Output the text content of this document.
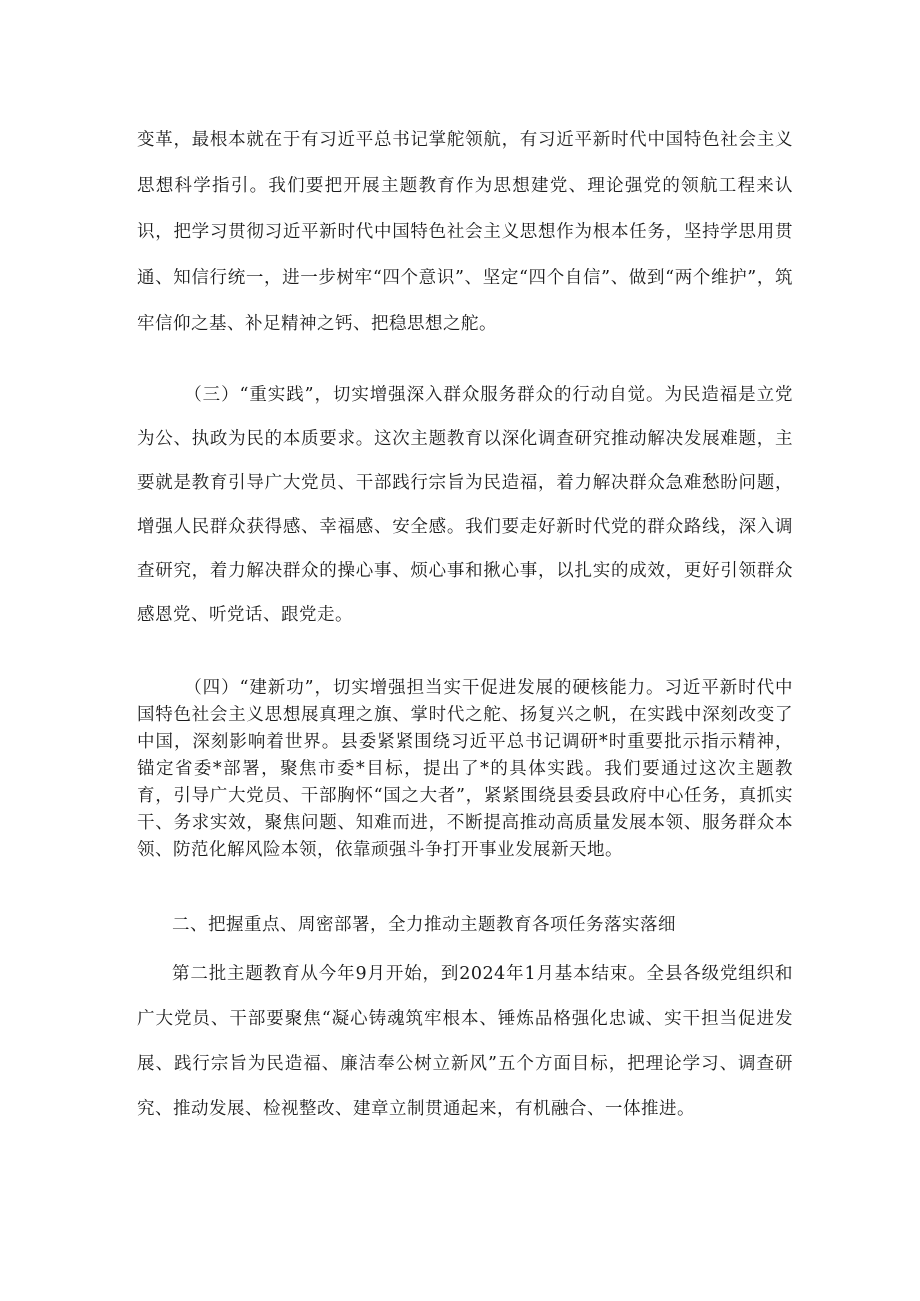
变革，最根本就在于有习近平总书记掌舵领航，有习近平新时代中国特色社会主义思想科学指引。我们要把开展主题教育作为思想建党、理论强党的领航工程来认识，把学习贯彻习近平新时代中国特色社会主义思想作为根本任务，坚持学思用贯通、知信行统一，进一步树牢“四个意识”、坚定“四个自信”、做到“两个维护”，筑牢信仰之基、补足精神之钙、把稳思想之舵。

（三）“重实践”，切实增强深入群众服务群众的行动自觉。为民造福是立党为公、执政为民的本质要求。这次主题教育以深化调查研究推动解决发展难题，主要就是教育引导广大党员、干部践行宗旨为民造福，着力解决群众急难愁盼问题，增强人民群众获得感、幸福感、安全感。我们要走好新时代党的群众路线，深入调查研究，着力解决群众的操心事、烦心事和揪心事，以扎实的成效，更好引领群众感恩党、听党话、跟党走。

（四）“建新功”，切实增强担当实干促进发展的硬核能力。习近平新时代中国特色社会主义思想展真理之旗、掌时代之舵、扬复兴之帆，在实践中深刻改变了中国，深刻影响着世界。县委紧紧围绕习近平总书记调研*时重要批示指示精神，锚定省委*部署，聚焦市委*目标，提出了*的具体实践。我们要通过这次主题教育，引导广大党员、干部胸怀“国之大者”，紧紧围绕县委县政府中心任务，真抓实干、务求实效，聚焦问题、知难而进，不断提高推动高质量发展本领、服务群众本领、防范化解风险本领，依靠顽强斗争打开事业发展新天地。

二、把握重点、周密部署，全力推动主题教育各项任务落实落细

第二批主题教育从今年9月开始，到2024年1月基本结束。全县各级党组织和广大党员、干部要聚焦“凝心铸魂筑牢根本、锤炼品格强化忠诚、实干担当促进发展、践行宗旨为民造福、廉洁奉公树立新风”五个方面目标，把理论学习、调查研究、推动发展、检视整改、建章立制贯通起来，有机融合、一体推进。
